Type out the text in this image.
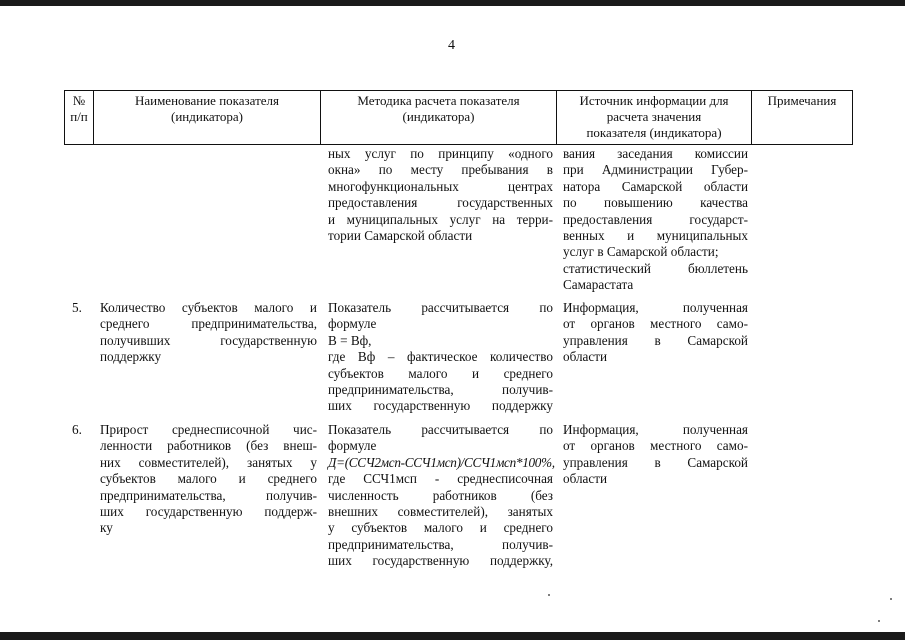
4
№
п/п
Наименование показателя
(индикатора)
Методика расчета показателя
(индикатора)
Источник информации для
расчета значения
показателя (индикатора)
Примечания
ных услуг по принципу «одного
окна» по месту пребывания в
многофункциональных центрах
предоставления государственных
и муниципальных услуг на терри-
тории Самарской области
вания заседания комиссии
при Администрации Губер-
натора Самарской области
по повышению качества
предоставления государст-
венных и муниципальных
услуг в Самарской области;
статистический бюллетень
Самарастата
5. Количество субъектов малого и
среднего предпринимательства,
получивших государственную
поддержку
Показатель рассчитывается по
формуле
В = Вф,
где Вф – фактическое количество
субъектов малого и среднего
предпринимательства, получив-
ших государственную поддержку
Информация, полученная
от органов местного само-
управления в Самарской
области
6. Прирост среднесписочной чис-
ленности работников (без внеш-
них совместителей), занятых у
субъектов малого и среднего
предпринимательства, получив-
ших государственную поддерж-
ку
Показатель рассчитывается по
формуле
Д=(ССЧ2мсп-ССЧ1мсп)/ССЧ1мсп*100%,
где ССЧ1мсп - среднесписочная
численность работников (без
внешних совместителей), занятых
у субъектов малого и среднего
предпринимательства, получив-
ших государственную поддержку,
Информация, полученная
от органов местного само-
управления в Самарской
области
